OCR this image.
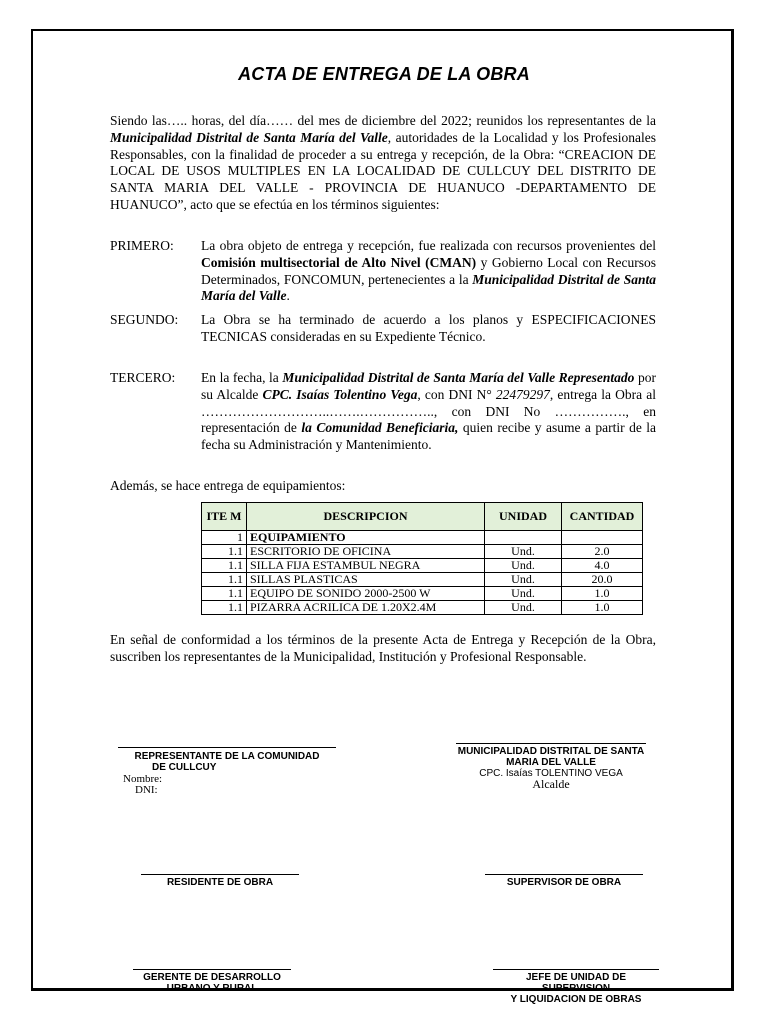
ACTA DE ENTREGA DE LA OBRA
Siendo las….. horas, del día…… del mes de diciembre del 2022; reunidos los representantes de la Municipalidad Distrital de Santa María del Valle, autoridades de la Localidad y los Profesionales Responsables, con la finalidad de proceder a su entrega y recepción, de la Obra: “CREACION DE LOCAL DE USOS MULTIPLES EN LA LOCALIDAD DE CULLCUY DEL DISTRITO DE SANTA MARIA DEL VALLE - PROVINCIA DE HUANUCO -DEPARTAMENTO DE HUANUCO”, acto que se efectúa en los términos siguientes:
PRIMERO: La obra objeto de entrega y recepción, fue realizada con recursos provenientes del Comisión multisectorial de Alto Nivel (CMAN) y Gobierno Local con Recursos Determinados, FONCOMUN, pertenecientes a la Municipalidad Distrital de Santa María del Valle.
SEGUNDO: La Obra se ha terminado de acuerdo a los planos y ESPECIFICACIONES TECNICAS consideradas en su Expediente Técnico.
TERCERO: En la fecha, la Municipalidad Distrital de Santa María del Valle Representado por su Alcalde CPC. Isaías Tolentino Vega, con DNI N° 22479297, entrega la Obra al ………………………..…….…………….., con DNI No ……………., en representación de la Comunidad Beneficiaria, quien recibe y asume a partir de la fecha su Administración y Mantenimiento.
Además, se hace entrega de equipamientos:
ITE M	DESCRIPCION	UNIDAD	CANTIDAD
1	EQUIPAMIENTO		
1.1	ESCRITORIO DE OFICINA	Und.	2.0
1.1	SILLA FIJA ESTAMBUL NEGRA	Und.	4.0
1.1	SILLAS PLASTICAS	Und.	20.0
1.1	EQUIPO DE SONIDO 2000-2500 W	Und.	1.0
1.1	PIZARRA ACRILICA DE 1.20X2.4M	Und.	1.0
En señal de conformidad a los términos de la presente Acta de Entrega y Recepción de la Obra, suscriben los representantes de la Municipalidad, Institución y Profesional Responsable.
REPRESENTANTE DE LA COMUNIDAD
DE CULLCUY
Nombre:
DNI:
MUNICIPALIDAD DISTRITAL DE SANTA
MARIA DEL VALLE
CPC. Isaías TOLENTINO VEGA
Alcalde
RESIDENTE DE OBRA	SUPERVISOR DE OBRA
GERENTE DE DESARROLLO
URBANO Y RURAL
JEFE DE UNIDAD DE SUPERVISION
Y LIQUIDACION DE OBRAS
